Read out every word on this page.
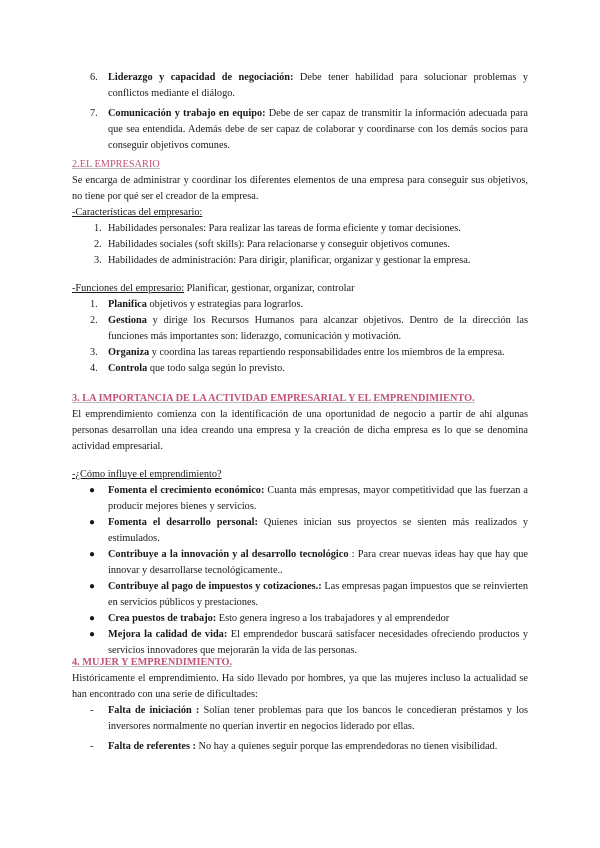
6. Liderazgo y capacidad de negociación: Debe tener habilidad para solucionar problemas y conflictos mediante el diálogo.
7. Comunicación y trabajo en equipo: Debe de ser capaz de transmitir la información adecuada para que sea entendida. Además debe de ser capaz de colaborar y coordinarse con los demás socios para conseguir objetivos comunes.
2.EL EMPRESARIO
Se encarga de administrar y coordinar los diferentes elementos de una empresa para conseguir sus objetivos, no tiene por qué ser el creador de la empresa.
-Características del empresario:
1. Habilidades personales: Para realizar las tareas de forma eficiente y tomar decisiones.
2. Habilidades sociales (soft skills): Para relacionarse y conseguir objetivos comunes.
3. Habilidades de administración: Para dirigir, planificar, organizar y gestionar la empresa.
-Funciones del empresario: Planificar, gestionar, organizar, controlar
1. Planifica objetivos y estrategias para lograrlos.
2. Gestiona y dirige los Recursos Humanos para alcanzar objetivos. Dentro de la dirección las funciones más importantes son: liderazgo, comunicación y motivación.
3. Organiza y coordina las tareas repartiendo responsabilidades entre los miembros de la empresa.
4. Controla que todo salga según lo previsto.
3. LA IMPORTANCIA DE LA ACTIVIDAD EMPRESARIAL Y EL EMPRENDIMIENTO.
El emprendimiento comienza con la identificación de una oportunidad de negocio a partir de ahí algunas personas desarrollan una idea creando una empresa y la creación de dicha empresa es lo que se denomina actividad empresarial.
-¿Cómo influye el emprendimiento?
● Fomenta el crecimiento económico: Cuanta más empresas, mayor competitividad que las fuerzan a producir mejores bienes y servicios.
● Fomenta el desarrollo personal: Quienes inician sus proyectos se sienten más realizados y estimulados.
● Contribuye a la innovación y al desarrollo tecnológico : Para crear nuevas ideas hay que hay que innovar y desarrollarse tecnológicamente..
● Contribuye al pago de impuestos y cotizaciones.: Las empresas pagan impuestos que se reinvierten en servicios públicos y prestaciones.
● Crea puestos de trabajo: Esto genera ingreso a los trabajadores y al emprendedor
● Mejora la calidad de vida: El emprendedor buscará satisfacer necesidades ofreciendo productos y servicios innovadores que mejorarán la vida de las personas.
4. MUJER Y EMPRENDIMIENTO.
Históricamente el emprendimiento. Ha sido llevado por hombres, ya que las mujeres incluso la actualidad se han encontrado con una serie de dificultades:
- Falta de iniciación : Solían tener problemas para que los bancos le concedieran préstamos y los inversores normalmente no querían invertir en negocios liderado por ellas.
- Falta de referentes : No hay a quienes seguir porque las emprendedoras no tienen visibilidad.
